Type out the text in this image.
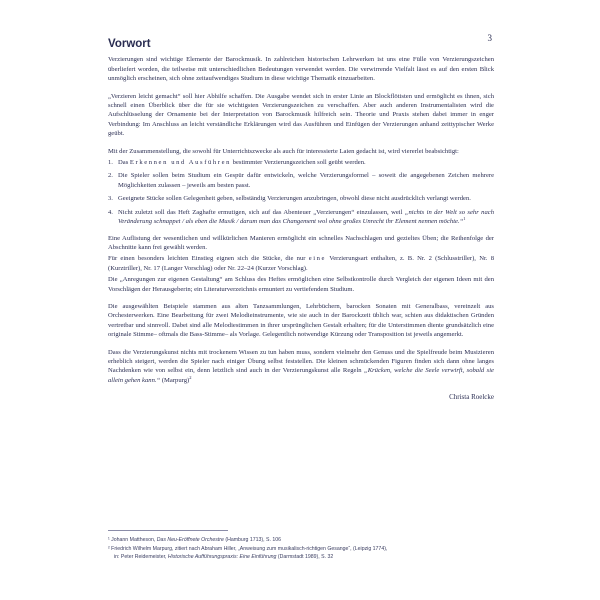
3
Vorwort

Verzierungen sind wichtige Elemente der Barockmusik. In zahlreichen historischen Lehrwerken ist uns eine Fülle von Verzierungszeichen überliefert worden, die teilweise mit unterschiedlichen Bedeutungen verwendet werden. Die verwirrende Vielfalt lässt es auf den ersten Blick unmöglich erscheinen, sich ohne zeitaufwendiges Studium in diese wichtige Thematik einzuarbeiten.

„Verzieren leicht gemacht“ soll hier Abhilfe schaffen. Die Ausgabe wendet sich in erster Linie an Blockflötisten und ermöglicht es ihnen, sich schnell einen Überblick über die für sie wichtigsten Verzierungszeichen zu verschaffen. Aber auch anderen Instrumentalisten wird die Aufschlüsselung der Ornamente bei der Interpretation von Barockmusik hilfreich sein. Theorie und Praxis stehen dabei immer in enger Verbindung: Im Anschluss an leicht verständliche Erklärungen wird das Ausführen und Einfügen der Verzierungen anhand zeittypischer Werke geübt.

Mit der Zusammenstellung, die sowohl für Unterrichtszwecke als auch für interessierte Laien gedacht ist, wird viererlei beabsichtigt:

1. Das Erkennen und Ausführen bestimmter Verzierungszeichen soll geübt werden.
2. Die Spieler sollen beim Studium ein Gespür dafür entwickeln, welche Verzierungsformel – soweit die angegebenen Zeichen mehrere Möglichkeiten zulassen – jeweils am besten passt.
3. Geeignete Stücke sollen Gelegenheit geben, selbständig Verzierungen anzubringen, obwohl diese nicht ausdrücklich verlangt werden.
4. Nicht zuletzt soll das Heft Zaghafte ermutigen, sich auf das Abenteuer „Verzierungen“ einzulassen, weil „nichts in der Welt so sehr nach Veränderung schnappet / als eben die Musik / darum man das Changement wol ohne großes Unrecht ihr Element nennen möchte.“$^1$

Eine Auflistung der wesentlichen und willkürlichen Manieren ermöglicht ein schnelles Nachschlagen und gezieltes Üben; die Reihenfolge der Abschnitte kann frei gewählt werden.

Für einen besonders leichten Einstieg eignen sich die Stücke, die nur eine Verzierungsart enthalten, z. B. Nr. 2 (Schlusstriller), Nr. 8 (Kurztriller), Nr. 17 (Langer Vorschlag) oder Nr. 22–24 (Kurzer Vorschlag).

Die „Anregungen zur eigenen Gestaltung“ am Schluss des Heftes ermöglichen eine Selbstkontrolle durch Vergleich der eigenen Ideen mit den Vorschlägen der Herausgeberin; ein Literaturverzeichnis ermuntert zu vertiefendem Studium.

Die ausgewählten Beispiele stammen aus alten Tanzsammlungen, Lehrbüchern, barocken Sonaten mit Generalbass, vereinzelt aus Orchesterwerken. Eine Bearbeitung für zwei Melodieinstrumente, wie sie auch in der Barockzeit üblich war, schien aus didaktischen Gründen vertretbar und sinnvoll. Dabei sind alle Melodiestimmen in ihrer ursprünglichen Gestalt erhalten; für die Unterstimmen diente grundsätzlich eine originale Stimme– oftmals die Bass-Stimme– als Vorlage. Gelegentlich notwendige Kürzung oder Transposition ist jeweils angemerkt.

Dass die Verzierungskunst nichts mit trockenem Wissen zu tun haben muss, sondern vielmehr den Genuss und die Spielfreude beim Musizieren erheblich steigert, werden die Spieler nach einiger Übung selbst feststellen. Die kleinen schmückenden Figuren finden sich dann ohne langes Nachdenken wie von selbst ein, denn letztlich sind auch in der Verzierungskunst alle Regeln „Krücken, welche die Seele verwirft, sobald sie allein gehen kann.“ (Marpurg)$^2$

Christa Roelcke
¹ Johann Mattheson, Das Neu-Eröffnete Orchestre (Hamburg 1713), S. 106
² Friedrich Wilhelm Marpurg, zitiert nach Abraham Hiller, „Anweisung zum musikalisch-richtigen Gesange“, (Leipzig 1774),
in: Peter Reidemeister, Historische Aufführungspraxis: Eine Einführung (Darmstadt 1989), S. 32
